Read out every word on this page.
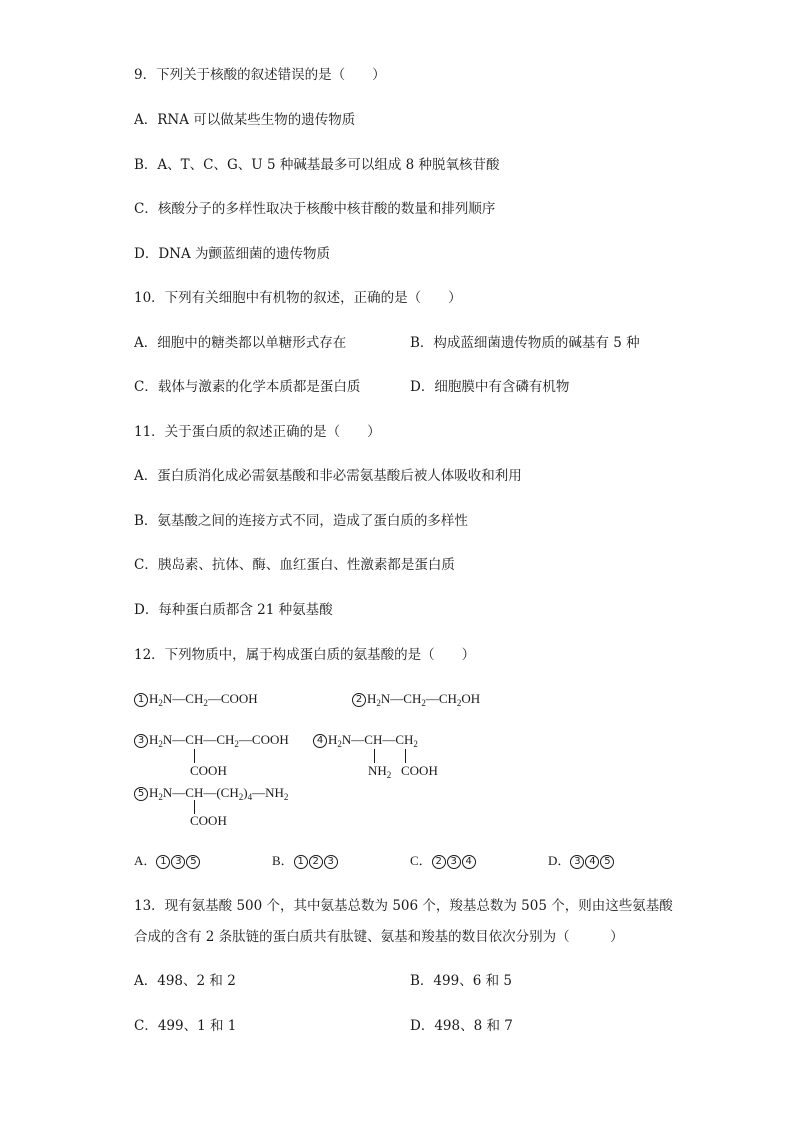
9．下列关于核酸的叙述错误的是（　　）
A．RNA 可以做某些生物的遗传物质
B．A、T、C、G、U 5 种碱基最多可以组成 8 种脱氧核苷酸
C．核酸分子的多样性取决于核酸中核苷酸的数量和排列顺序
D．DNA 为颤蓝细菌的遗传物质
10．下列有关细胞中有机物的叙述，正确的是（　　）
A．细胞中的糖类都以单糖形式存在	B．构成蓝细菌遗传物质的碱基有 5 种
C．载体与激素的化学本质都是蛋白质	D．细胞膜中有含磷有机物
11．关于蛋白质的叙述正确的是（　　）
A．蛋白质消化成必需氨基酸和非必需氨基酸后被人体吸收和利用
B．氨基酸之间的连接方式不同，造成了蛋白质的多样性
C．胰岛素、抗体、酶、血红蛋白、性激素都是蛋白质
D．每种蛋白质都含 21 种氨基酸
12．下列物质中，属于构成蛋白质的氨基酸的是（　　）
1 $H_2N—CH_2—COOH$	2 $H_2N—CH_2—CH_2OH$
3 $H_2N—CH—CH_2—COOH$
COOH
4 $H_2N—CH—CH_2$
$NH_2$ COOH
5 $H_2N—CH—(CH_2)_4—NH_2$
COOH
A． 1 3 5	B． 1 2 3	C． 2 3 4	D． 3 4 5
13．现有氨基酸 500 个，其中氨基总数为 506 个，羧基总数为 505 个，则由这些氨基酸
合成的含有 2 条肽链的蛋白质共有肽键、氨基和羧基的数目依次分别为（　　　）
A．498、2 和 2	B．499、6 和 5
C．499、1 和 1	D．498、8 和 7
